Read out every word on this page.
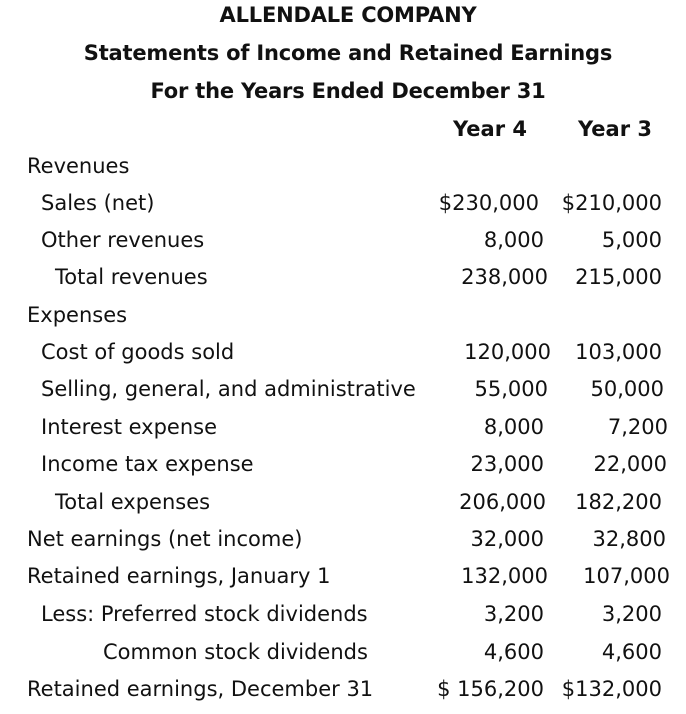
ALLENDALE COMPANY
Statements of Income and Retained Earnings
For the Years Ended December 31
Year 4 Year 3
Revenues
Sales (net)	$230,000 $210,000
Other revenues	8,000	5,000
Total revenues	238,000 215,000
Expenses
Cost of goods sold	120,000 103,000
Selling, general, and administrative	55,000 50,000
Interest expense	8,000	7,200
Income tax expense	23,000 22,000
Total expenses	206,000 182,200
Net earnings (net income)	32,000 32,800
Retained earnings, January 1	132,000 107,000
Less: Preferred stock dividends	3,200	3,200
Common stock dividends	4,600	4,600
Retained earnings, December 31	$ 156,200 $132,000
